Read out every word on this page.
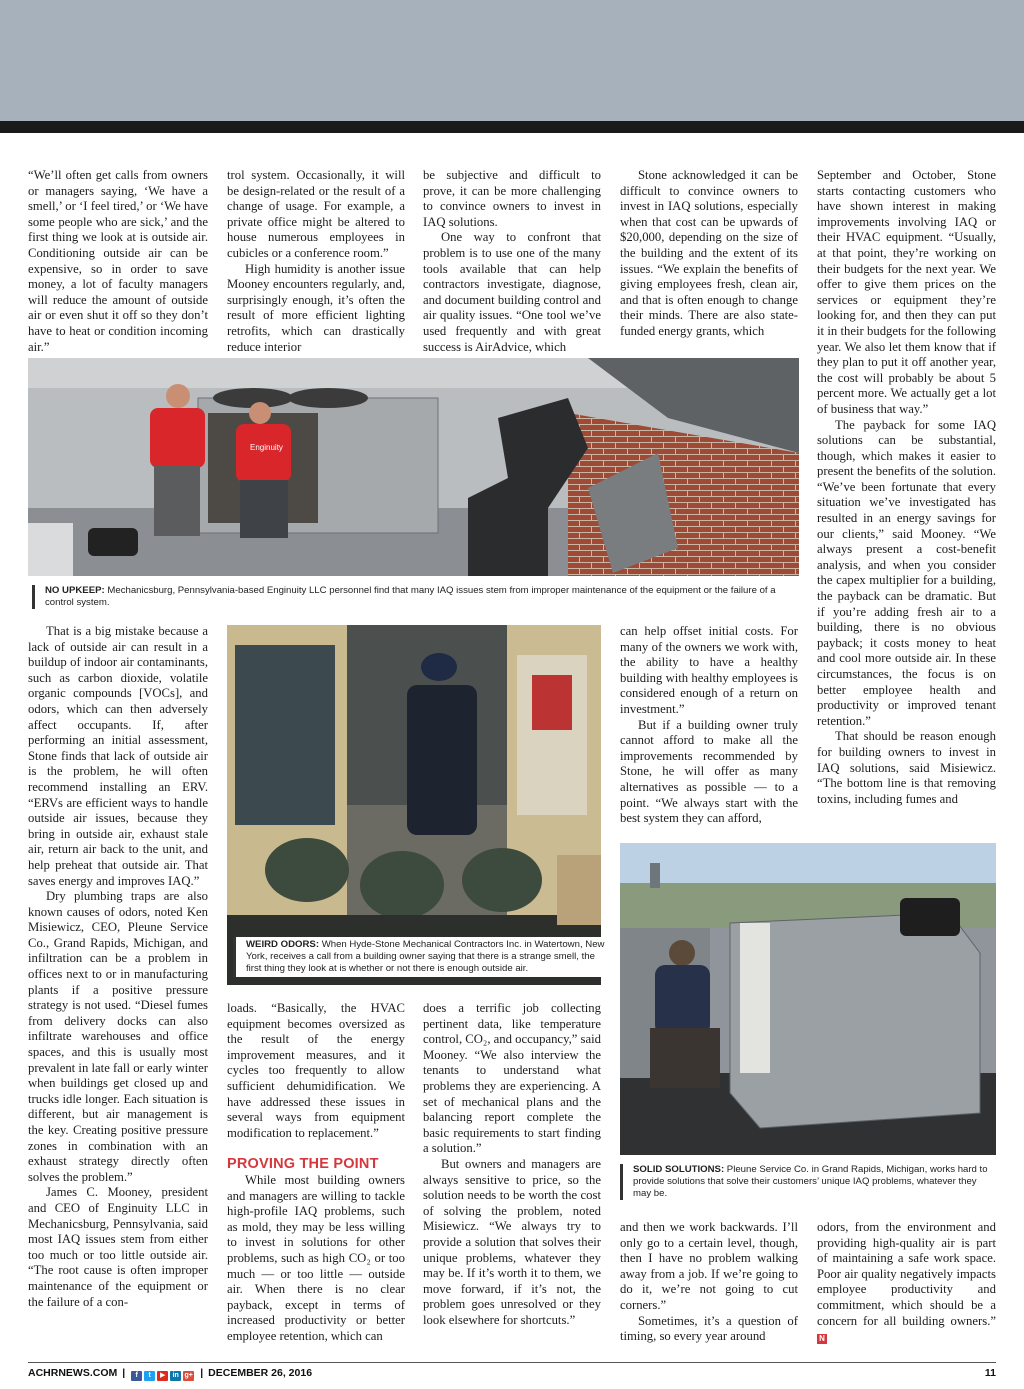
“We’ll often get calls from owners or managers saying, ‘We have a smell,’ or ‘I feel tired,’ or ‘We have some people who are sick,’ and the first thing we look at is outside air. Conditioning outside air can be expensive, so in order to save money, a lot of faculty managers will reduce the amount of outside air or even shut it off so they don’t have to heat or condition incoming air.”

trol system. Occasionally, it will be design-related or the result of a change of usage. For example, a private office might be altered to house numerous employees in cubicles or a conference room.”

High humidity is another issue Mooney encounters regularly, and, surprisingly enough, it’s often the result of more efficient lighting retrofits, which can drastically reduce interior

be subjective and difficult to prove, it can be more challenging to convince owners to invest in IAQ solutions.

One way to confront that problem is to use one of the many tools available that can help contractors investigate, diagnose, and document building control and air quality issues. “One tool we’ve used frequently and with great success is AirAdvice, which

Stone acknowledged it can be difficult to convince owners to invest in IAQ solutions, especially when that cost can be upwards of $20,000, depending on the size of the building and the extent of its issues. “We explain the benefits of giving employees fresh, clean air, and that is often enough to change their minds. There are also state-funded energy grants, which

September and October, Stone starts contacting customers who have shown interest in making improvements involving IAQ or their HVAC equipment. “Usually, at that point, they’re working on their budgets for the next year. We offer to give them prices on the services or equipment they’re looking for, and then they can put it in their budgets for the following year. We also let them know that if they plan to put it off another year, the cost will probably be about 5 percent more. We actually get a lot of business that way.”

The payback for some IAQ solutions can be substantial, though, which makes it easier to present the benefits of the solution. “We’ve been fortunate that every situation we’ve investigated has resulted in an energy savings for our clients,” said Mooney. “We always present a cost-benefit analysis, and when you consider the capex multiplier for a building, the payback can be dramatic. But if you’re adding fresh air to a building, there is no obvious payback; it costs money to heat and cool more outside air. In these circumstances, the focus is on better employee health and productivity or improved tenant retention.”

That should be reason enough for building owners to invest in IAQ solutions, said Misiewicz. “The bottom line is that removing toxins, including fumes and

Enginuity
NO UPKEEP: Mechanicsburg, Pennsylvania-based Enginuity LLC personnel find that many IAQ issues stem from improper maintenance of the equipment or the failure of a control system.

That is a big mistake because a lack of outside air can result in a buildup of indoor air contaminants, such as carbon dioxide, volatile organic compounds [VOCs], and odors, which can then adversely affect occupants. If, after performing an initial assessment, Stone finds that lack of outside air is the problem, he will often recommend installing an ERV. “ERVs are efficient ways to handle outside air issues, because they bring in outside air, exhaust stale air, return air back to the unit, and help preheat that outside air. That saves energy and improves IAQ.”

Dry plumbing traps are also known causes of odors, noted Ken Misiewicz, CEO, Pleune Service Co., Grand Rapids, Michigan, and infiltration can be a problem in offices next to or in manufacturing plants if a positive pressure strategy is not used. “Diesel fumes from delivery docks can also infiltrate warehouses and office spaces, and this is usually most prevalent in late fall or early winter when buildings get closed up and trucks idle longer. Each situation is different, but air management is the key. Creating positive pressure zones in combination with an exhaust strategy directly often solves the problem.”

James C. Mooney, president and CEO of Enginuity LLC in Mechanicsburg, Pennsylvania, said most IAQ issues stem from either too much or too little outside air. “The root cause is often improper maintenance of the equipment or the failure of a con-

WEIRD ODORS: When Hyde-Stone Mechanical Contractors Inc. in Watertown, New York, receives a call from a building owner saying that there is a strange smell, the first thing they look at is whether or not there is enough outside air.

can help offset initial costs. For many of the owners we work with, the ability to have a healthy building with healthy employees is considered enough of a return on investment.”

But if a building owner truly cannot afford to make all the improvements recommended by Stone, he will offer as many alternatives as possible — to a point. “We always start with the best system they can afford,

SOLID SOLUTIONS: Pleune Service Co. in Grand Rapids, Michigan, works hard to provide solutions that solve their customers’ unique IAQ problems, whatever they may be.

loads. “Basically, the HVAC equipment becomes oversized as the result of the energy improvement measures, and it cycles too frequently to allow sufficient dehumidification. We have addressed these issues in several ways from equipment modification to replacement.”

PROVING THE POINT

While most building owners and managers are willing to tackle high-profile IAQ problems, such as mold, they may be less willing to invest in solutions for other problems, such as high CO₂ or too much — or too little — outside air. When there is no clear payback, except in terms of increased productivity or better employee retention, which can

does a terrific job collecting pertinent data, like temperature control, CO₂, and occupancy,” said Mooney. “We also interview the tenants to understand what problems they are experiencing. A set of mechanical plans and the balancing report complete the basic requirements to start finding a solution.”

But owners and managers are always sensitive to price, so the solution needs to be worth the cost of solving the problem, noted Misiewicz. “We always try to provide a solution that solves their unique problems, whatever they may be. If it’s worth it to them, we move forward, if it’s not, the problem goes unresolved or they look elsewhere for shortcuts.”

and then we work backwards. I’ll only go to a certain level, though, then I have no problem walking away from a job. If we’re going to do it, we’re not going to cut corners.”

Sometimes, it’s a question of timing, so every year around

odors, from the environment and providing high-quality air is part of maintaining a safe work space. Poor air quality negatively impacts employee productivity and commitment, which should be a concern for all building owners.” N

ACHRNEWS.COM | f t ▶ in g+ | DECEMBER 26, 2016	11
